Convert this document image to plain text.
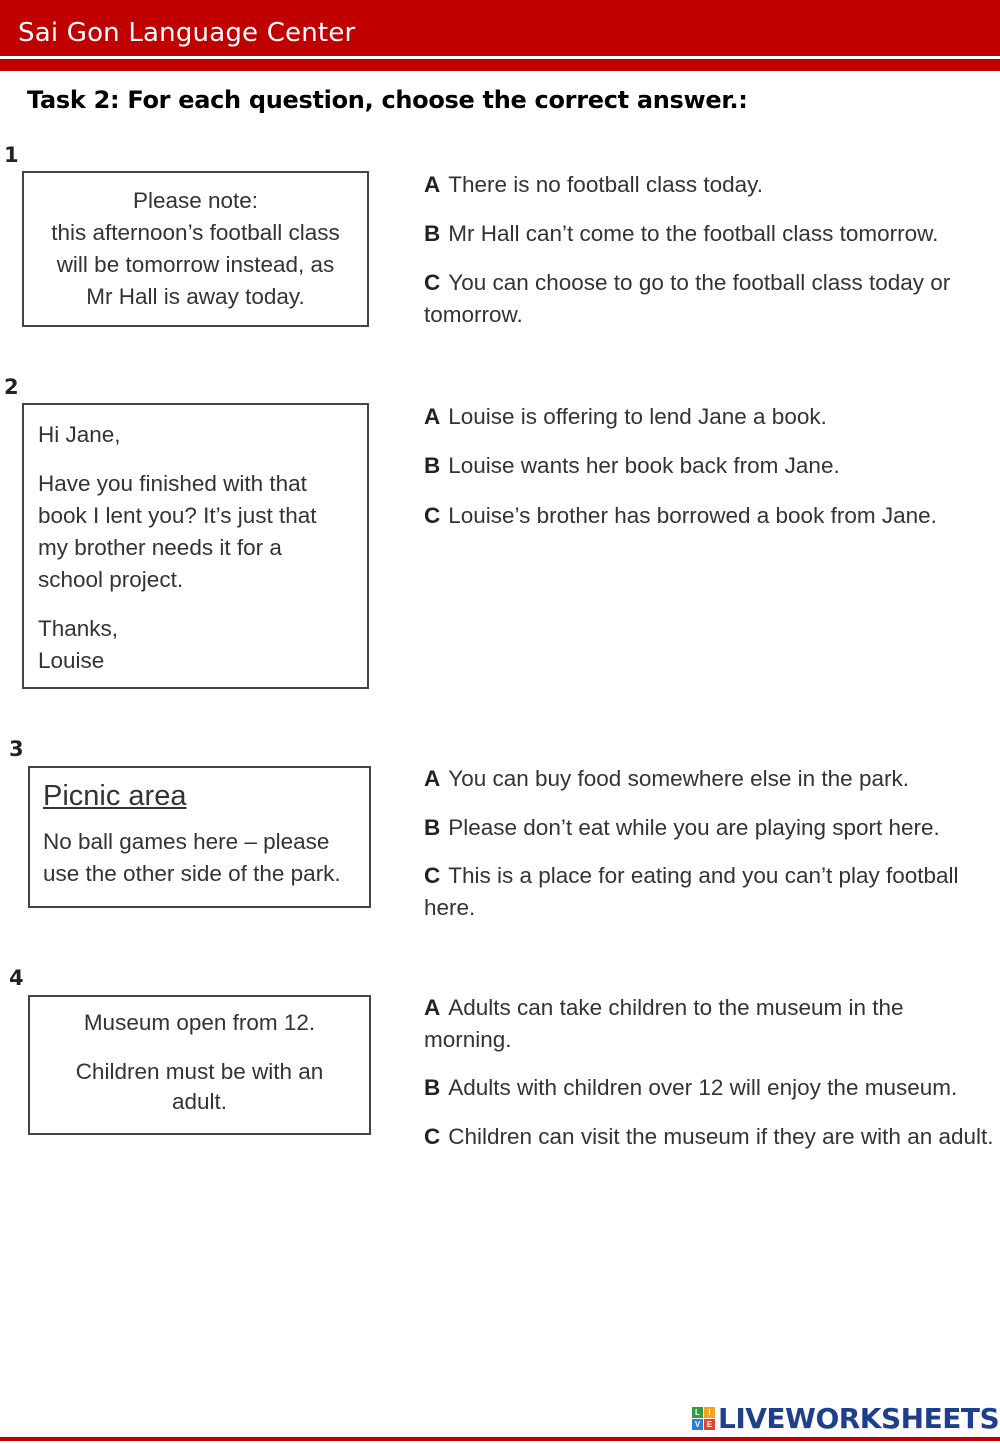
Sai Gon Language Center
Task 2: For each question, choose the correct answer.:
1

Please note:

this afternoon’s football class

will be tomorrow instead, as

Mr Hall is away today.

A There is no football class today.
B Mr Hall can’t come to the football class tomorrow.
C You can choose to go to the football class today or tomorrow.
2

Hi Jane,

Have you finished with that book I lent you? It’s just that my brother needs it for a school project.

Thanks,

Louise

A Louise is offering to lend Jane a book.
B Louise wants her book back from Jane.
C Louise’s brother has borrowed a book from Jane.
3

Picnic area

No ball games here – please use the other side of the park.

A You can buy food somewhere else in the park.
B Please don’t eat while you are playing sport here.
C This is a place for eating and you can’t play football here.
4

Museum open from 12.

Children must be with an adult.

A Adults can take children to the museum in the morning.
B Adults with children over 12 will enjoy the museum.
C Children can visit the museum if they are with an adult.
L	I
V E LIVEWORKSHEETS
